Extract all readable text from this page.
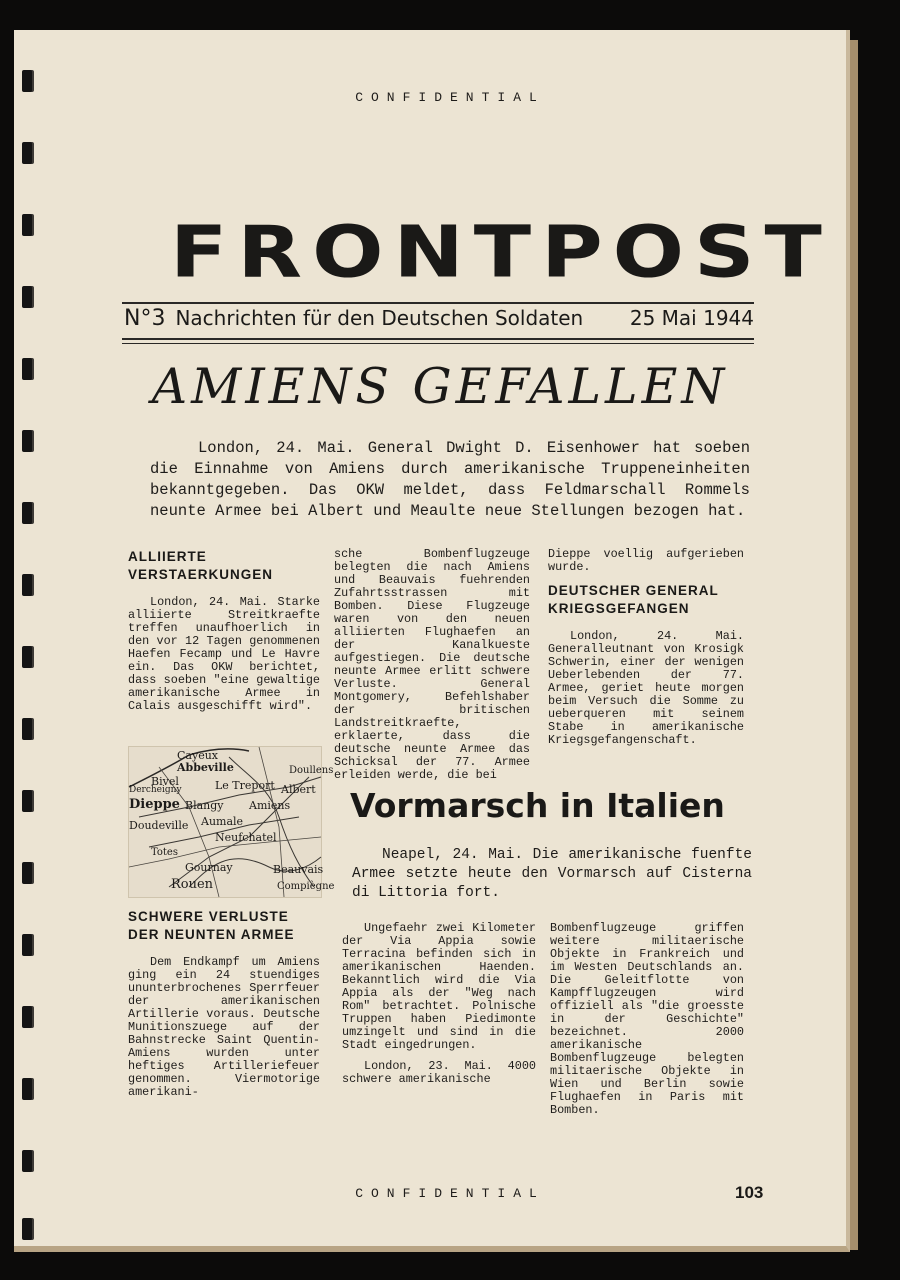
CONFIDENTIAL
FRONTPOST
N°3 Nachrichten für den Deutschen Soldaten	25 Mai 1944
AMIENS GEFALLEN
London, 24. Mai. General Dwight D. Eisenhower hat soeben die Einnahme von Amiens durch amerikanische Truppeneinheiten bekanntgegeben. Das OKW meldet, dass Feldmarschall Rommels neunte Armee bei Albert und Meaulte neue Stellungen bezogen hat.
ALLIIERTE VERSTAERKUNGEN

London, 24. Mai. Starke alliierte Streitkraefte treffen unaufhoerlich in den vor 12 Tagen genommenen Haefen Fecamp und Le Havre ein. Das OKW berichtet, dass soeben "eine gewaltige amerikanische Armee in Calais ausgeschifft wird".

Cayeux
Abbeville
Bivel
Dercheigny
Dieppe
Le Treport
Blangy
Aumale
Doudeville
Neufchatel
Totes
Gournay
Rouen
Amiens
Albert
Doullens
Beauvais
Compiègne
SCHWERE VERLUSTE DER NEUNTEN ARMEE

Dem Endkampf um Amiens ging ein 24 stuendiges ununterbrochenes Sperrfeuer der amerikanischen Artillerie voraus. Deutsche Munitionszuege auf der Bahnstrecke Saint Quentin- Amiens wurden unter heftiges Artilleriefeuer genommen. Viermotorige amerikani-

sche Bombenflugzeuge belegten die nach Amiens und Beauvais fuehrenden Zufahrtsstrassen mit Bomben. Diese Flugzeuge waren von den neuen alliierten Flughaefen an der Kanalkueste aufgestiegen. Die deutsche neunte Armee erlitt schwere Verluste. General Montgomery, Befehlshaber der britischen Landstreitkraefte, erklaerte, dass die deutsche neunte Armee das Schicksal der 77. Armee erleiden werde, die bei

Dieppe voellig aufgerieben wurde.

DEUTSCHER GENERAL KRIEGSGEFANGEN

London, 24. Mai. Generalleutnant von Krosigk Schwerin, einer der wenigen Ueberlebenden der 77. Armee, geriet heute morgen beim Versuch die Somme zu ueberqueren mit seinem Stabe in amerikanische Kriegsgefangenschaft.

Vormarsch in Italien
Neapel, 24. Mai. Die amerikanische fuenfte Armee setzte heute den Vormarsch auf Cisterna di Littoria fort.

Ungefaehr zwei Kilometer der Via Appia sowie Terracina befinden sich in amerikanischen Haenden. Bekanntlich wird die Via Appia als der "Weg nach Rom" betrachtet. Polnische Truppen haben Piedimonte umzingelt und sind in die Stadt eingedrungen.

London, 23. Mai. 4000 schwere amerikanische

Bombenflugzeuge griffen weitere militaerische Objekte in Frankreich und im Westen Deutschlands an. Die Geleitflotte von Kampfflugzeugen wird offiziell als "die groesste in der Geschichte" bezeichnet. 2000 amerikanische Bombenflugzeuge belegten militaerische Objekte in Wien und Berlin sowie Flughaefen in Paris mit Bomben.

CONFIDENTIAL	103
